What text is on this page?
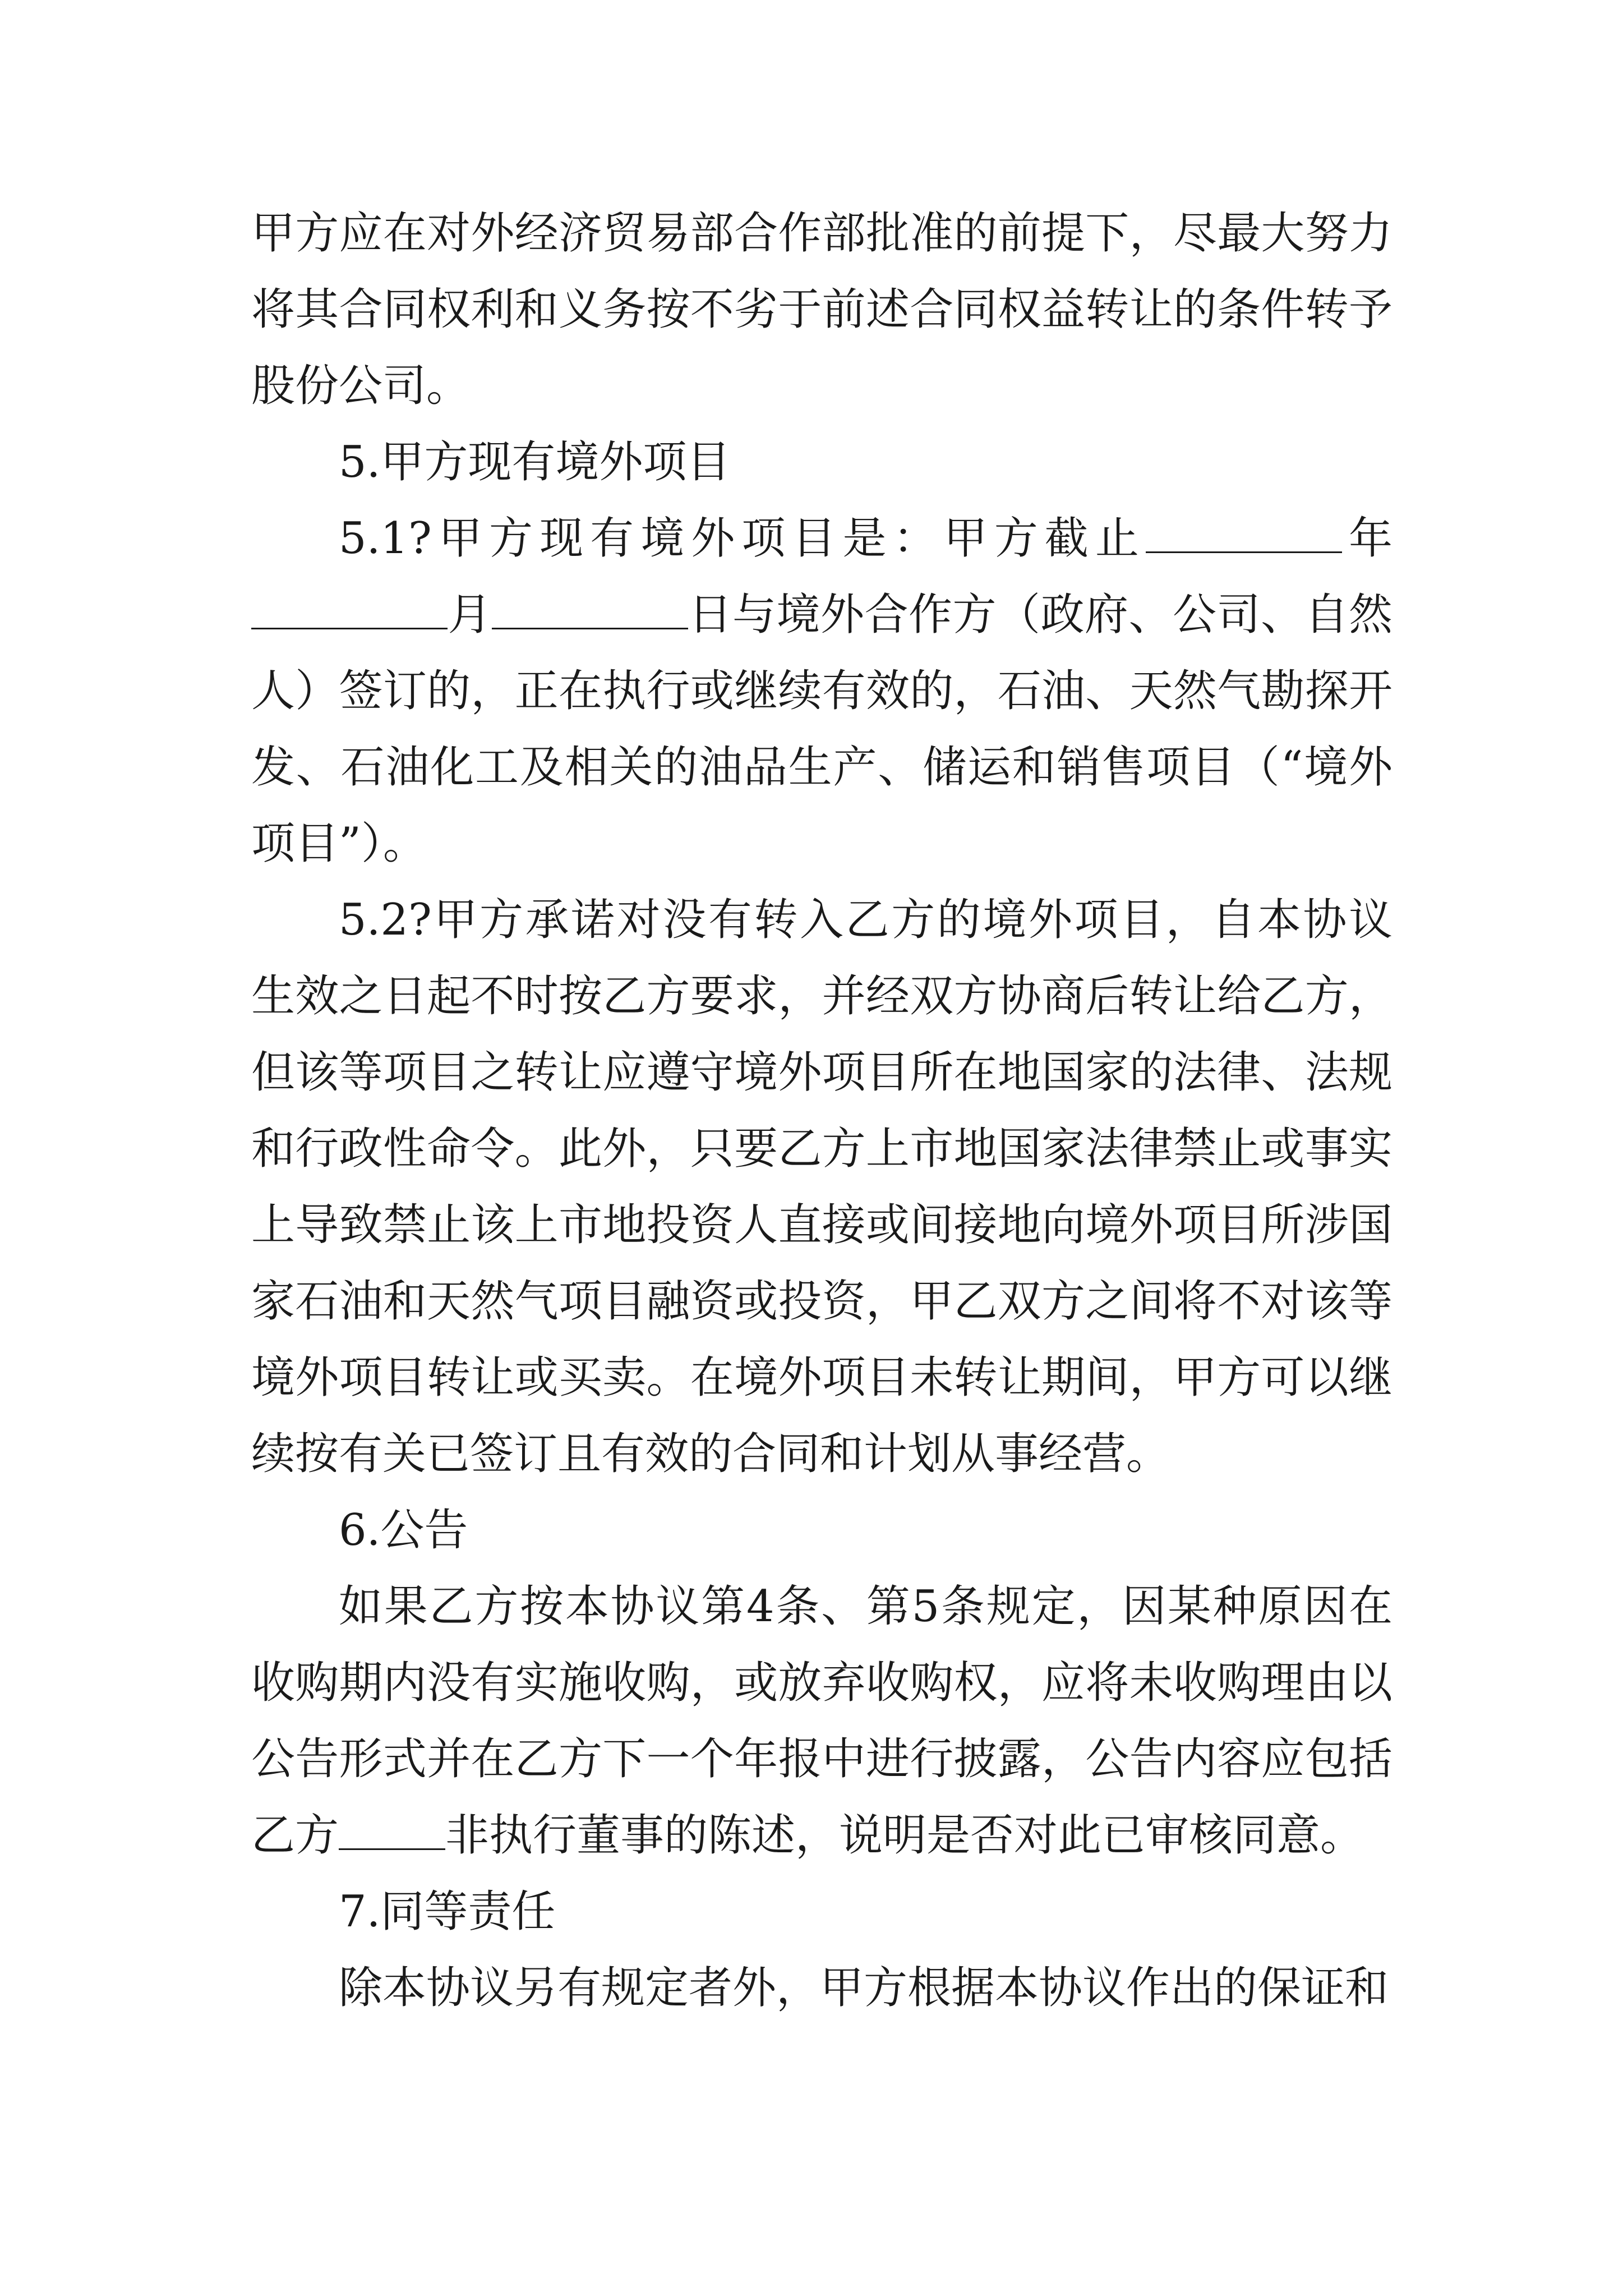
甲方应在对外经济贸易部合作部批准的前提下，尽最大努力将其合同权利和义务按不劣于前述合同权益转让的条件转予股份公司。

5.甲方现有境外项目

5.1?甲方现有境外项目是：甲方截止	年月	日与境外合作方（政府、公司、自然人）签订的，正在执行或继续有效的，石油、天然气勘探开发、石油化工及相关的油品生产、储运和销售项目（“境外项目”）。

5.2?甲方承诺对没有转入乙方的境外项目，自本协议生效之日起不时按乙方要求，并经双方协商后转让给乙方，但该等项目之转让应遵守境外项目所在地国家的法律、法规和行政性命令。此外，只要乙方上市地国家法律禁止或事实上导致禁止该上市地投资人直接或间接地向境外项目所涉国家石油和天然气项目融资或投资，甲乙双方之间将不对该等境外项目转让或买卖。在境外项目未转让期间，甲方可以继续按有关已签订且有效的合同和计划从事经营。

6.公告

如果乙方按本协议第4条、第5条规定，因某种原因在收购期内没有实施收购，或放弃收购权，应将未收购理由以公告形式并在乙方下一个年报中进行披露，公告内容应包括乙方 非执行董事的陈述，说明是否对此已审核同意。

7.同等责任

除本协议另有规定者外，甲方根据本协议作出的保证和
